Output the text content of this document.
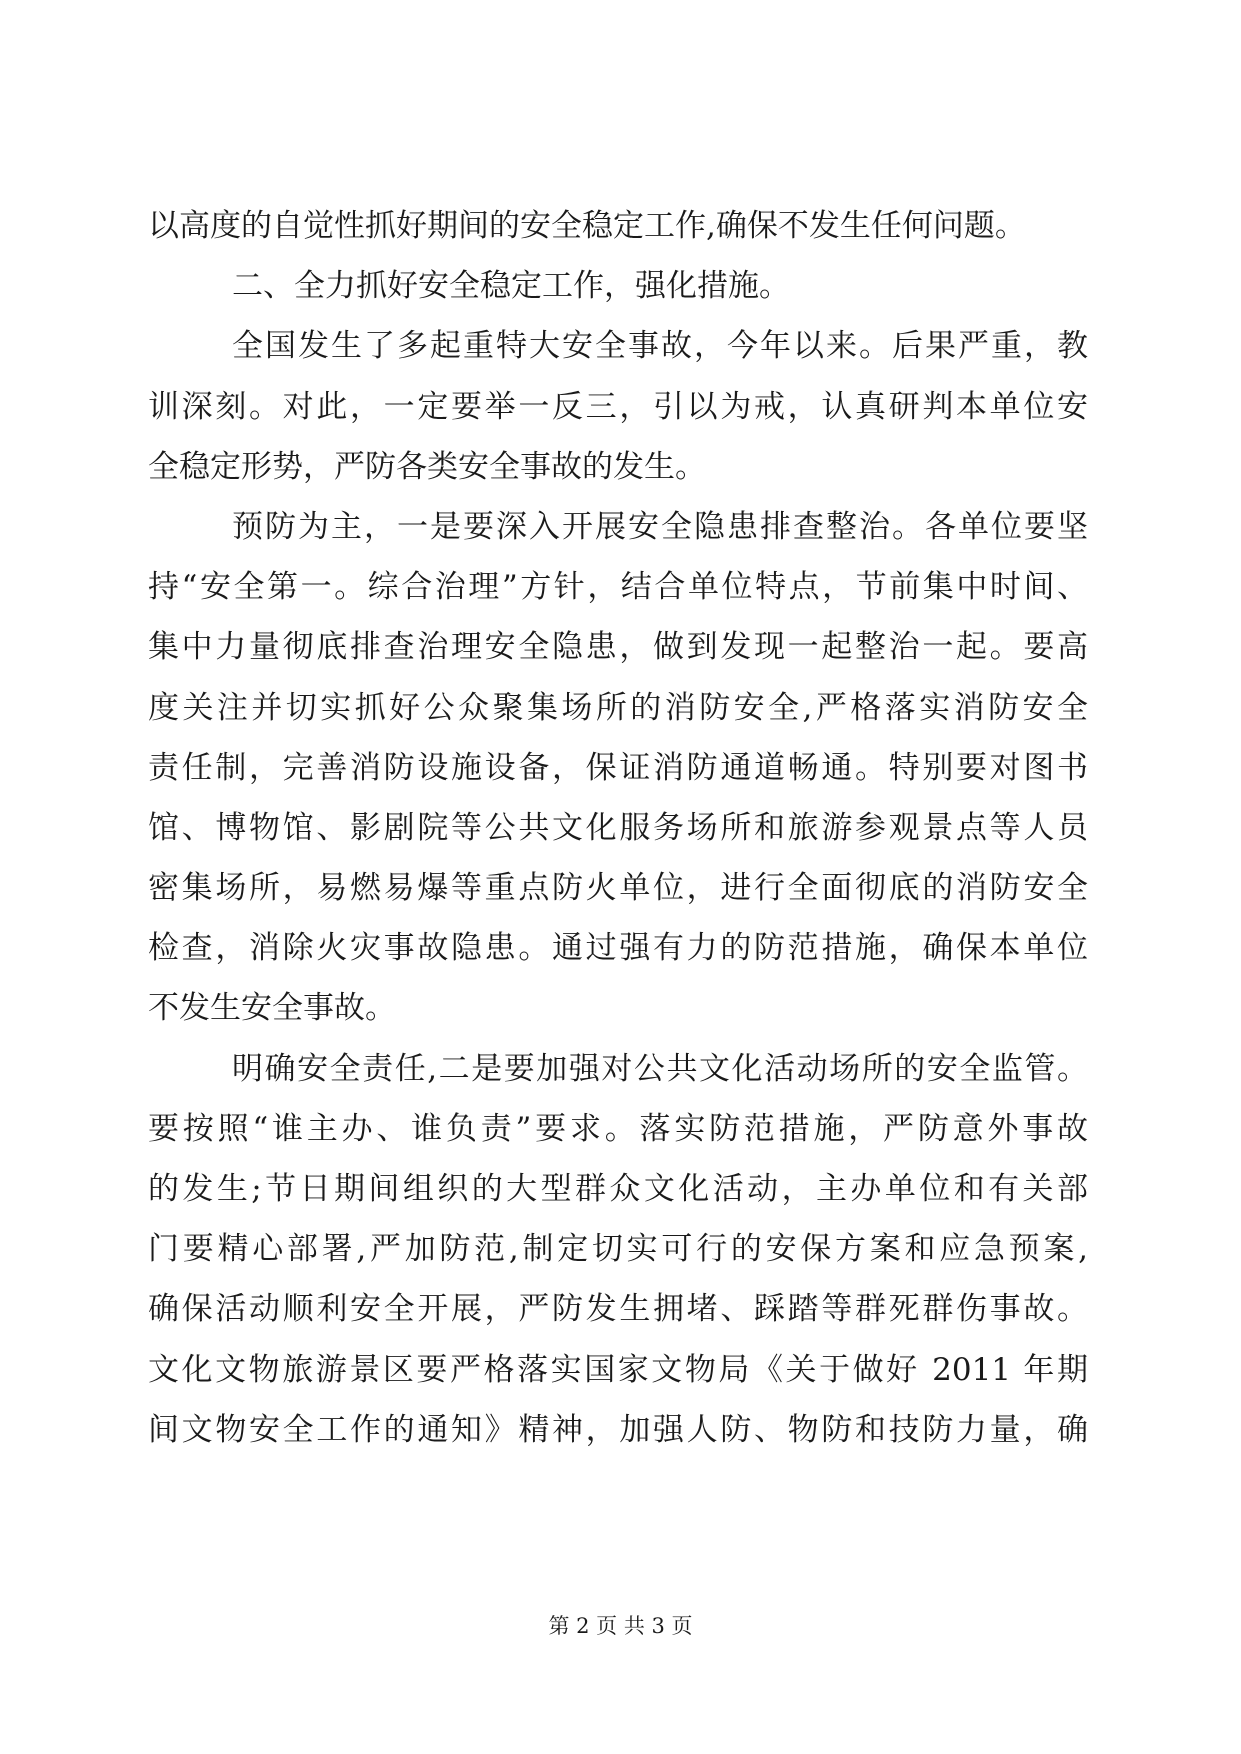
以高度的自觉性抓好期间的安全稳定工作,确保不发生任何问题。
二、全力抓好安全稳定工作，强化措施。
全国发生了多起重特大安全事故，今年以来。后果严重，教
训深刻。对此，一定要举一反三，引以为戒，认真研判本单位安
全稳定形势，严防各类安全事故的发生。
预防为主，一是要深入开展安全隐患排查整治。各单位要坚
持“安全第一。综合治理”方针，结合单位特点，节前集中时间、
集中力量彻底排查治理安全隐患，做到发现一起整治一起。要高
度关注并切实抓好公众聚集场所的消防安全,严格落实消防安全
责任制，完善消防设施设备，保证消防通道畅通。特别要对图书
馆、博物馆、影剧院等公共文化服务场所和旅游参观景点等人员
密集场所，易燃易爆等重点防火单位，进行全面彻底的消防安全
检查，消除火灾事故隐患。通过强有力的防范措施，确保本单位
不发生安全事故。
明确安全责任,二是要加强对公共文化活动场所的安全监管。
要按照“谁主办、谁负责”要求。落实防范措施，严防意外事故
的发生;节日期间组织的大型群众文化活动，主办单位和有关部
门要精心部署,严加防范,制定切实可行的安保方案和应急预案,
确保活动顺利安全开展，严防发生拥堵、踩踏等群死群伤事故。
文化文物旅游景区要严格落实国家文物局《关于做好 2011 年期
间文物安全工作的通知》精神，加强人防、物防和技防力量，确
第 2 页 共 3 页
